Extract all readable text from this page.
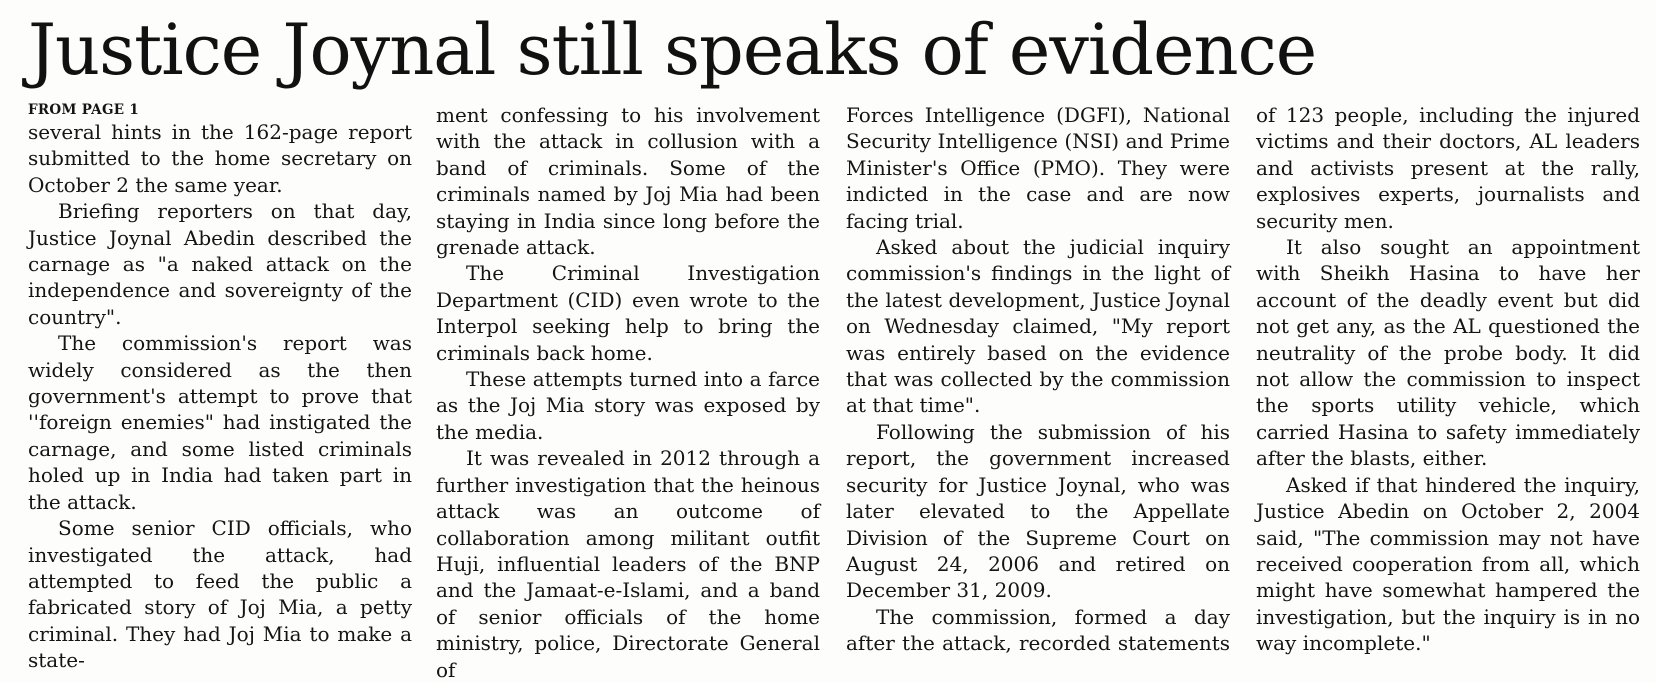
Justice Joynal still speaks of evidence

FROM PAGE 1

several hints in the 162-page report submitted to the home secretary on October 2 the same year.

Briefing reporters on that day, Justice Joynal Abedin described the carnage as "a naked attack on the independence and sovereignty of the country".

The commission's report was widely considered as the then government's attempt to prove that ''foreign enemies" had instigated the carnage, and some listed criminals holed up in India had taken part in the attack.

Some senior CID officials, who investigated the attack, had attempted to feed the public a fabricated story of Joj Mia, a petty criminal. They had Joj Mia to make a state-

ment confessing to his involvement with the attack in collusion with a band of criminals. Some of the criminals named by Joj Mia had been staying in India since long before the grenade attack.

The Criminal Investigation Department (CID) even wrote to the Interpol seeking help to bring the criminals back home.

These attempts turned into a farce as the Joj Mia story was exposed by the media.

It was revealed in 2012 through a further investigation that the heinous attack was an outcome of collaboration among militant outfit Huji, influential leaders of the BNP and the Jamaat-e-Islami, and a band of senior officials of the home ministry, police, Directorate General of

Forces Intelligence (DGFI), National Security Intelligence (NSI) and Prime Minister's Office (PMO). They were indicted in the case and are now facing trial.

Asked about the judicial inquiry commission's findings in the light of the latest development, Justice Joynal on Wednesday claimed, "My report was entirely based on the evidence that was collected by the commission at that time".

Following the submission of his report, the government increased security for Justice Joynal, who was later elevated to the Appellate Division of the Supreme Court on August 24, 2006 and retired on December 31, 2009.

The commission, formed a day after the attack, recorded statements

of 123 people, including the injured victims and their doctors, AL leaders and activists present at the rally, explosives experts, journalists and security men.

It also sought an appointment with Sheikh Hasina to have her account of the deadly event but did not get any, as the AL questioned the neutrality of the probe body. It did not allow the commission to inspect the sports utility vehicle, which carried Hasina to safety immediately after the blasts, either.

Asked if that hindered the inquiry, Justice Abedin on October 2, 2004 said, "The commission may not have received cooperation from all, which might have somewhat hampered the investigation, but the inquiry is in no way incomplete."
